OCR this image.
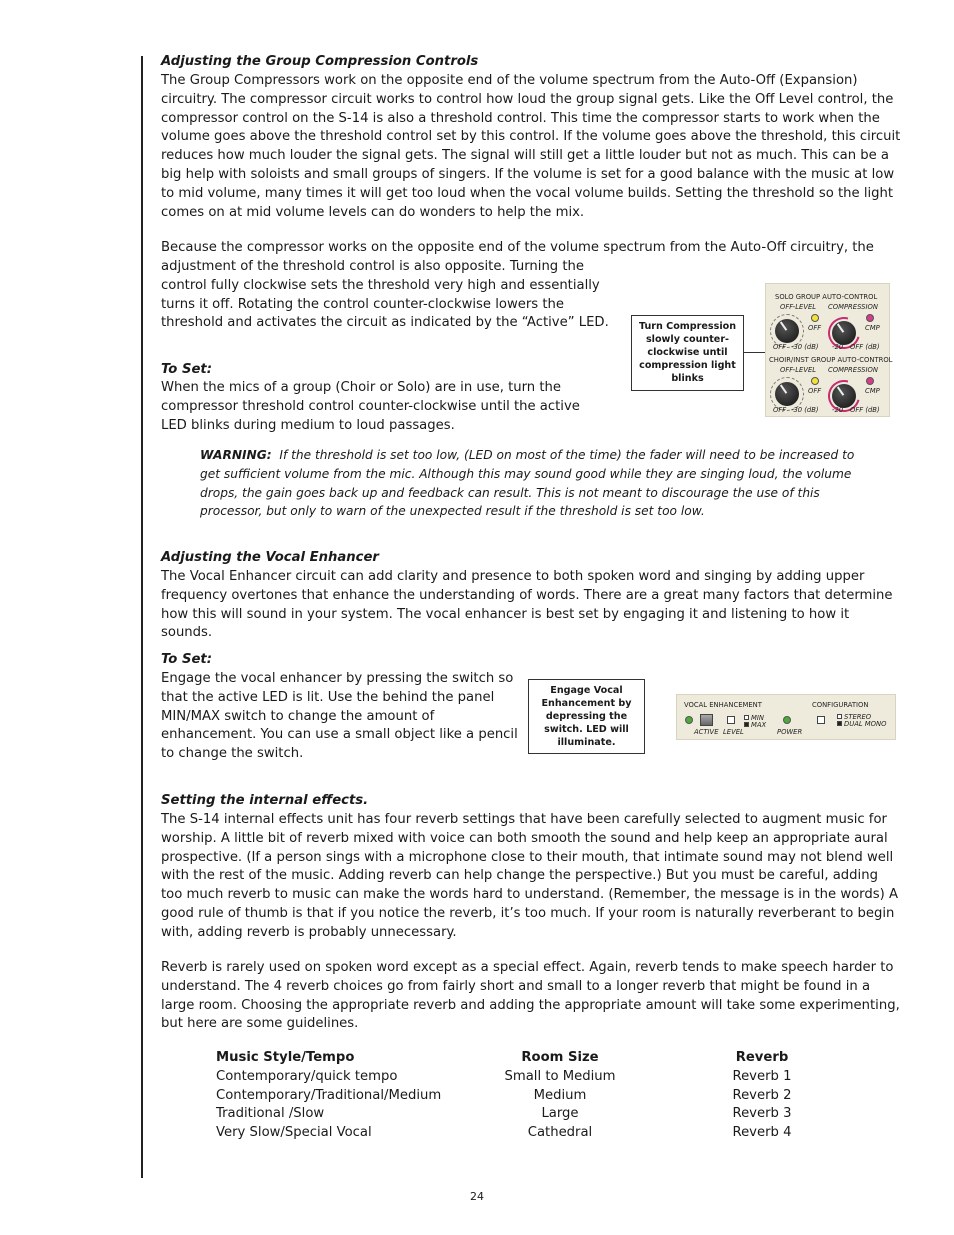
Adjusting the Group Compression Controls

The Group Compressors work on the opposite end of the volume spectrum from the Auto-Off (Expansion) circuitry. The compressor circuit works to control how loud the group signal gets. Like the Off Level control, the compressor control on the S-14 is also a threshold control. This time the compressor starts to work when the volume goes above the threshold control set by this control. If the volume goes above the threshold, this circuit reduces how much louder the signal gets. The signal will still get a little louder but not as much. This can be a big help with soloists and small groups of singers. If the volume is set for a good balance with the music at low to mid volume, many times it will get too loud when the vocal volume builds. Setting the threshold so the light comes on at mid volume levels can do wonders to help the mix.

Because the compressor works on the opposite end of the volume spectrum from the Auto-Off circuitry, the

adjustment of the threshold control is also opposite. Turning the control fully clockwise sets the threshold very high and essentially turns it off. Rotating the control counter-clockwise lowers the threshold and activates the circuit as indicated by the “Active” LED.

To Set:

When the mics of a group (Choir or Solo) are in use, turn the compressor threshold control counter-clockwise until the active LED blinks during medium to loud passages.

WARNING: If the threshold is set too low, (LED on most of the time) the fader will need to be increased to get sufficient volume from the mic. Although this may sound good while they are singing loud, the volume drops, the gain goes back up and feedback can result. This is not meant to discourage the use of this processor, but only to warn of the unexpected result if the threshold is set too low.

Turn Compression slowly counter-clockwise until compression light blinks
SOLO GROUP AUTO-CONTROL
OFF-LEVEL COMPRESSION
OFF	CMP
OFF -30 (dB) -20 OFF (dB)
CHOIR/INST GROUP AUTO-CONTROL
OFF-LEVEL COMPRESSION
OFF	CMP
OFF -30 (dB) -20 OFF (dB)

Adjusting the Vocal Enhancer

The Vocal Enhancer circuit can add clarity and presence to both spoken word and singing by adding upper frequency overtones that enhance the understanding of words. There are a great many factors that determine how this will sound in your system. The vocal enhancer is best set by engaging it and listening to how it sounds.

To Set:

Engage the vocal enhancer by pressing the switch so that the active LED is lit. Use the behind the panel MIN/MAX switch to change the amount of enhancement. You can use a small object like a pencil to change the switch.

Engage Vocal Enhancement by depressing the switch. LED will illuminate.
VOCAL ENHANCEMENT	CONFIGURATION
ACTIVE LEVEL
MIN
MAX
POWER
STEREO
DUAL MONO

Setting the internal effects.

The S-14 internal effects unit has four reverb settings that have been carefully selected to augment music for worship. A little bit of reverb mixed with voice can both smooth the sound and help keep an appropriate aural prospective. (If a person sings with a microphone close to their mouth, that intimate sound may not blend well with the rest of the music. Adding reverb can help change the perspective.) But you must be careful, adding too much reverb to music can make the words hard to understand. (Remember, the message is in the words) A good rule of thumb is that if you notice the reverb, it’s too much. If your room is naturally reverberant to begin with, adding reverb is probably unnecessary.

Reverb is rarely used on spoken word except as a special effect. Again, reverb tends to make speech harder to understand. The 4 reverb choices go from fairly short and small to a longer reverb that might be found in a large room. Choosing the appropriate reverb and adding the appropriate amount will take some experimenting, but here are some guidelines.

Music Style/Tempo	Room Size	Reverb
Contemporary/quick tempo	Small to Medium	Reverb 1
Contemporary/Traditional/Medium	Medium	Reverb 2
Traditional /Slow	Large	Reverb 3
Very Slow/Special Vocal	Cathedral	Reverb 4
24
